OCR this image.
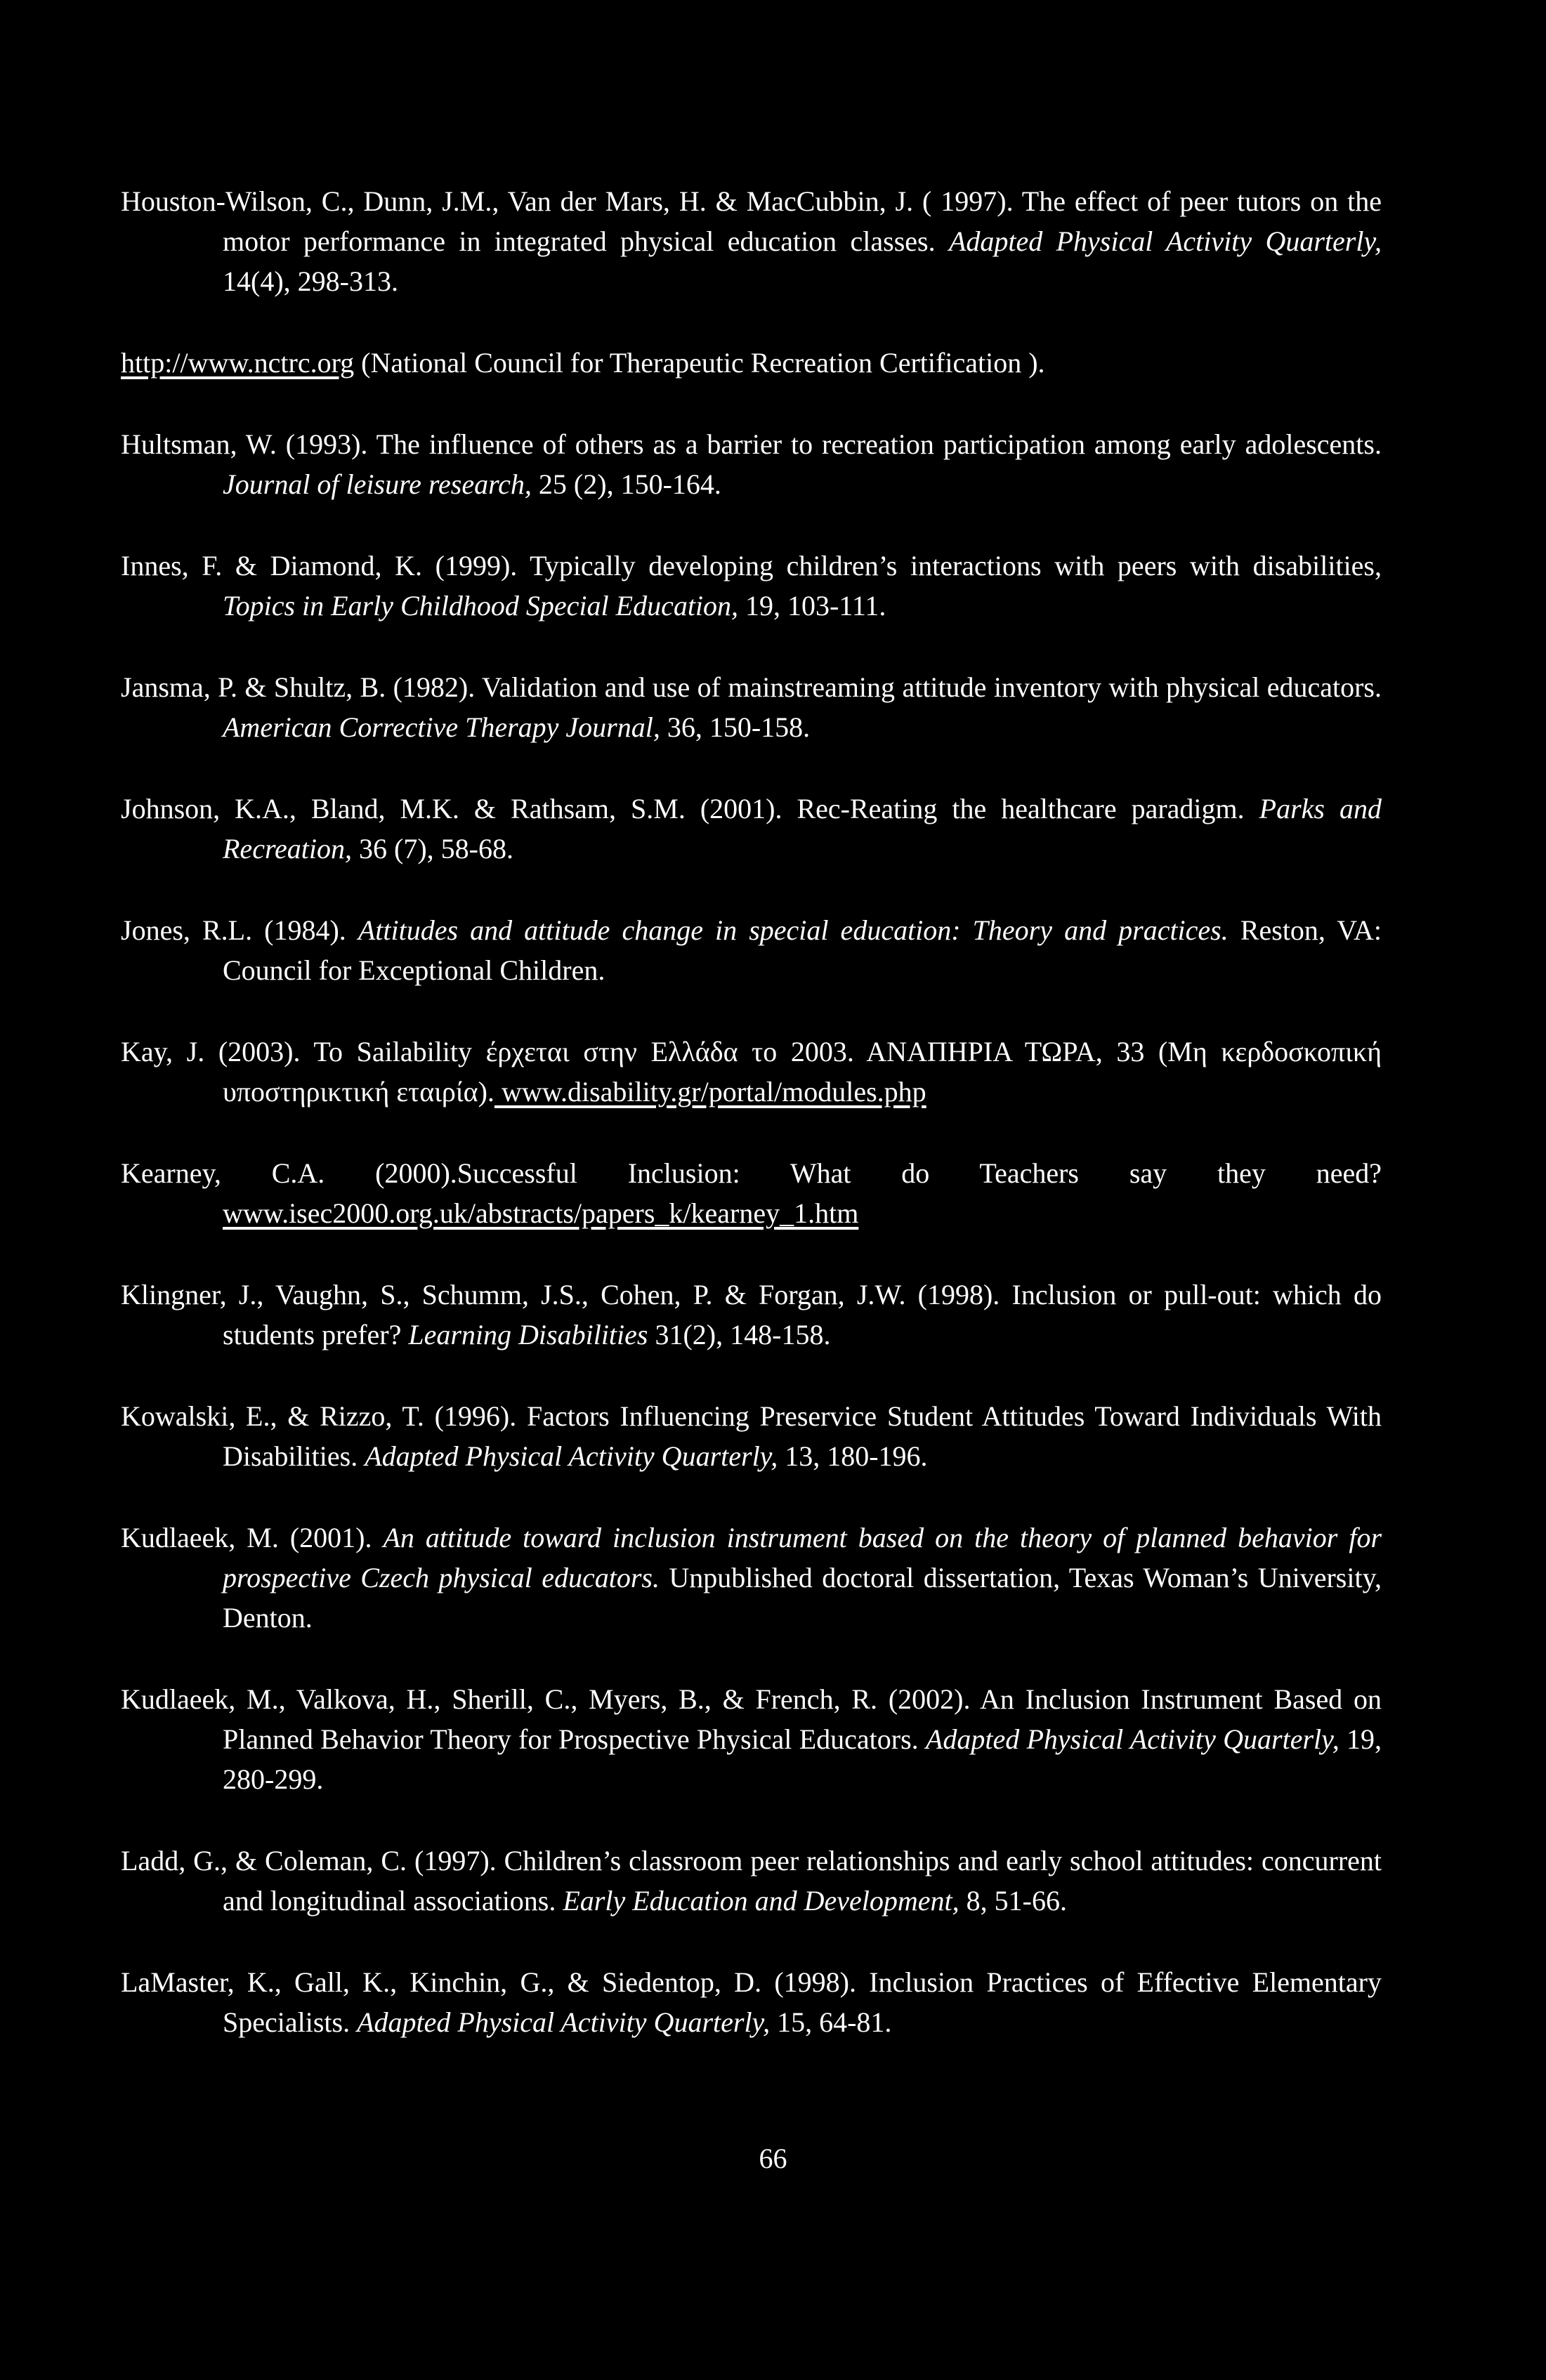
Houston-Wilson, C., Dunn, J.M., Van der Mars, H. & MacCubbin, J. ( 1997). The effect of peer tutors on the motor performance in integrated physical education classes. Adapted Physical Activity Quarterly, 14(4), 298-313.

http://www.nctrc.org (National Council for Therapeutic Recreation Certification ).

Hultsman, W. (1993). The influence of others as a barrier to recreation participation among early adolescents. Journal of leisure research, 25 (2), 150-164.

Innes, F. & Diamond, K. (1999). Typically developing children’s interactions with peers with disabilities, Topics in Early Childhood Special Education, 19, 103-111.

Jansma, P. & Shultz, B. (1982). Validation and use of mainstreaming attitude inventory with physical educators. American Corrective Therapy Journal, 36, 150-158.

Johnson, K.A., Bland, M.K. & Rathsam, S.M. (2001). Rec-Reating the healthcare paradigm. Parks and Recreation, 36 (7), 58-68.

Jones, R.L. (1984). Attitudes and attitude change in special education: Theory and practices. Reston, VA: Council for Exceptional Children.

Kay, J. (2003). To Sailability έρχεται στην Ελλάδα το 2003. ΑΝΑΠΗΡΙΑ ΤΩΡΑ, 33 (Μη κερδοσκοπική υποστηρικτική εταιρία). www.disability.gr/portal/modules.php

Kearney, C.A. (2000).Successful Inclusion: What do Teachers say they need? www.isec2000.org.uk/abstracts/papers_k/kearney_1.htm

Klingner, J., Vaughn, S., Schumm, J.S., Cohen, P. & Forgan, J.W. (1998). Inclusion or pull-out: which do students prefer? Learning Disabilities 31(2), 148-158.

Kowalski, E., & Rizzo, T. (1996). Factors Influencing Preservice Student Attitudes Toward Individuals With Disabilities. Adapted Physical Activity Quarterly, 13, 180-196.

Kudlaeek, M. (2001). An attitude toward inclusion instrument based on the theory of planned behavior for prospective Czech physical educators. Unpublished doctoral dissertation, Texas Woman’s University, Denton.

Kudlaeek, M., Valkova, H., Sherill, C., Myers, B., & French, R. (2002). An Inclusion Instrument Based on Planned Behavior Theory for Prospective Physical Educators. Adapted Physical Activity Quarterly, 19, 280-299.

Ladd, G., & Coleman, C. (1997). Children’s classroom peer relationships and early school attitudes: concurrent and longitudinal associations. Early Education and Development, 8, 51-66.

LaMaster, K., Gall, K., Kinchin, G., & Siedentop, D. (1998). Inclusion Practices of Effective Elementary Specialists. Adapted Physical Activity Quarterly, 15, 64-81.

66
